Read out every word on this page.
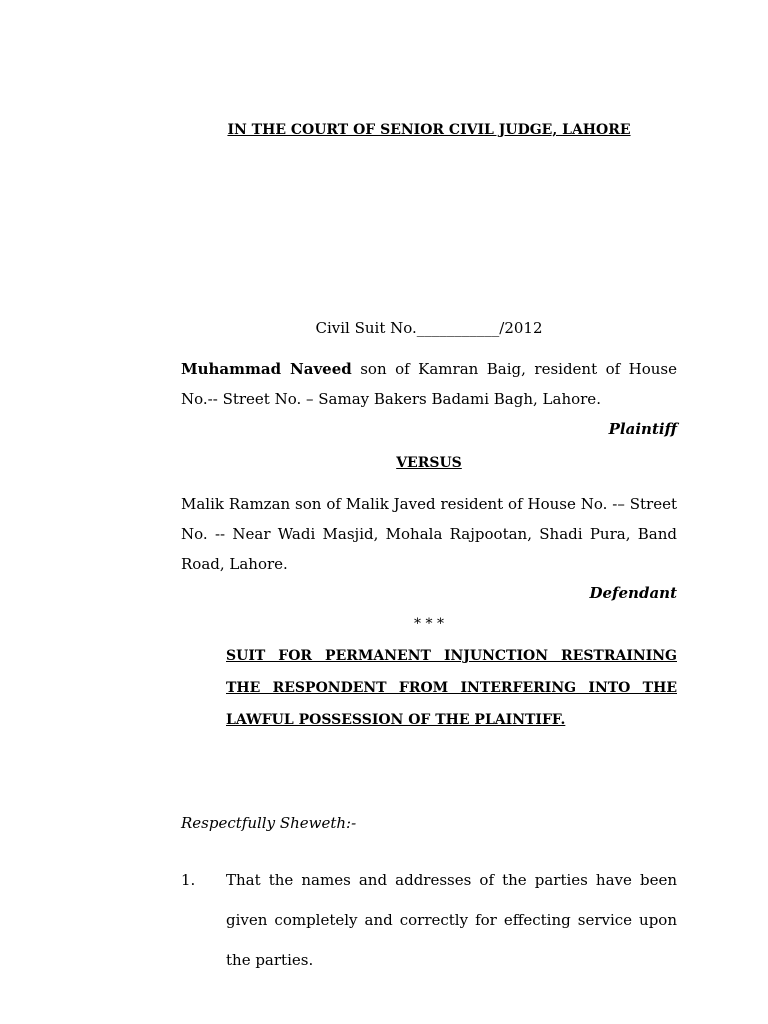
IN THE COURT OF SENIOR CIVIL JUDGE, LAHORE
Civil Suit No.___________/2012
Muhammad Naveed son of Kamran Baig, resident of House No.-- Street No. – Samay Bakers Badami Bagh, Lahore.
Plaintiff
VERSUS
Malik Ramzan son of Malik Javed resident of House No. -– Street No. -- Near Wadi Masjid, Mohala Rajpootan, Shadi Pura, Band Road, Lahore.
Defendant
* * *
SUIT FOR PERMANENT INJUNCTION RESTRAINING THE RESPONDENT FROM INTERFERING INTO THE LAWFUL POSSESSION OF THE PLAINTIFF.
Respectfully Sheweth:-
1. That the names and addresses of the parties have been given completely and correctly for effecting service upon the parties.
